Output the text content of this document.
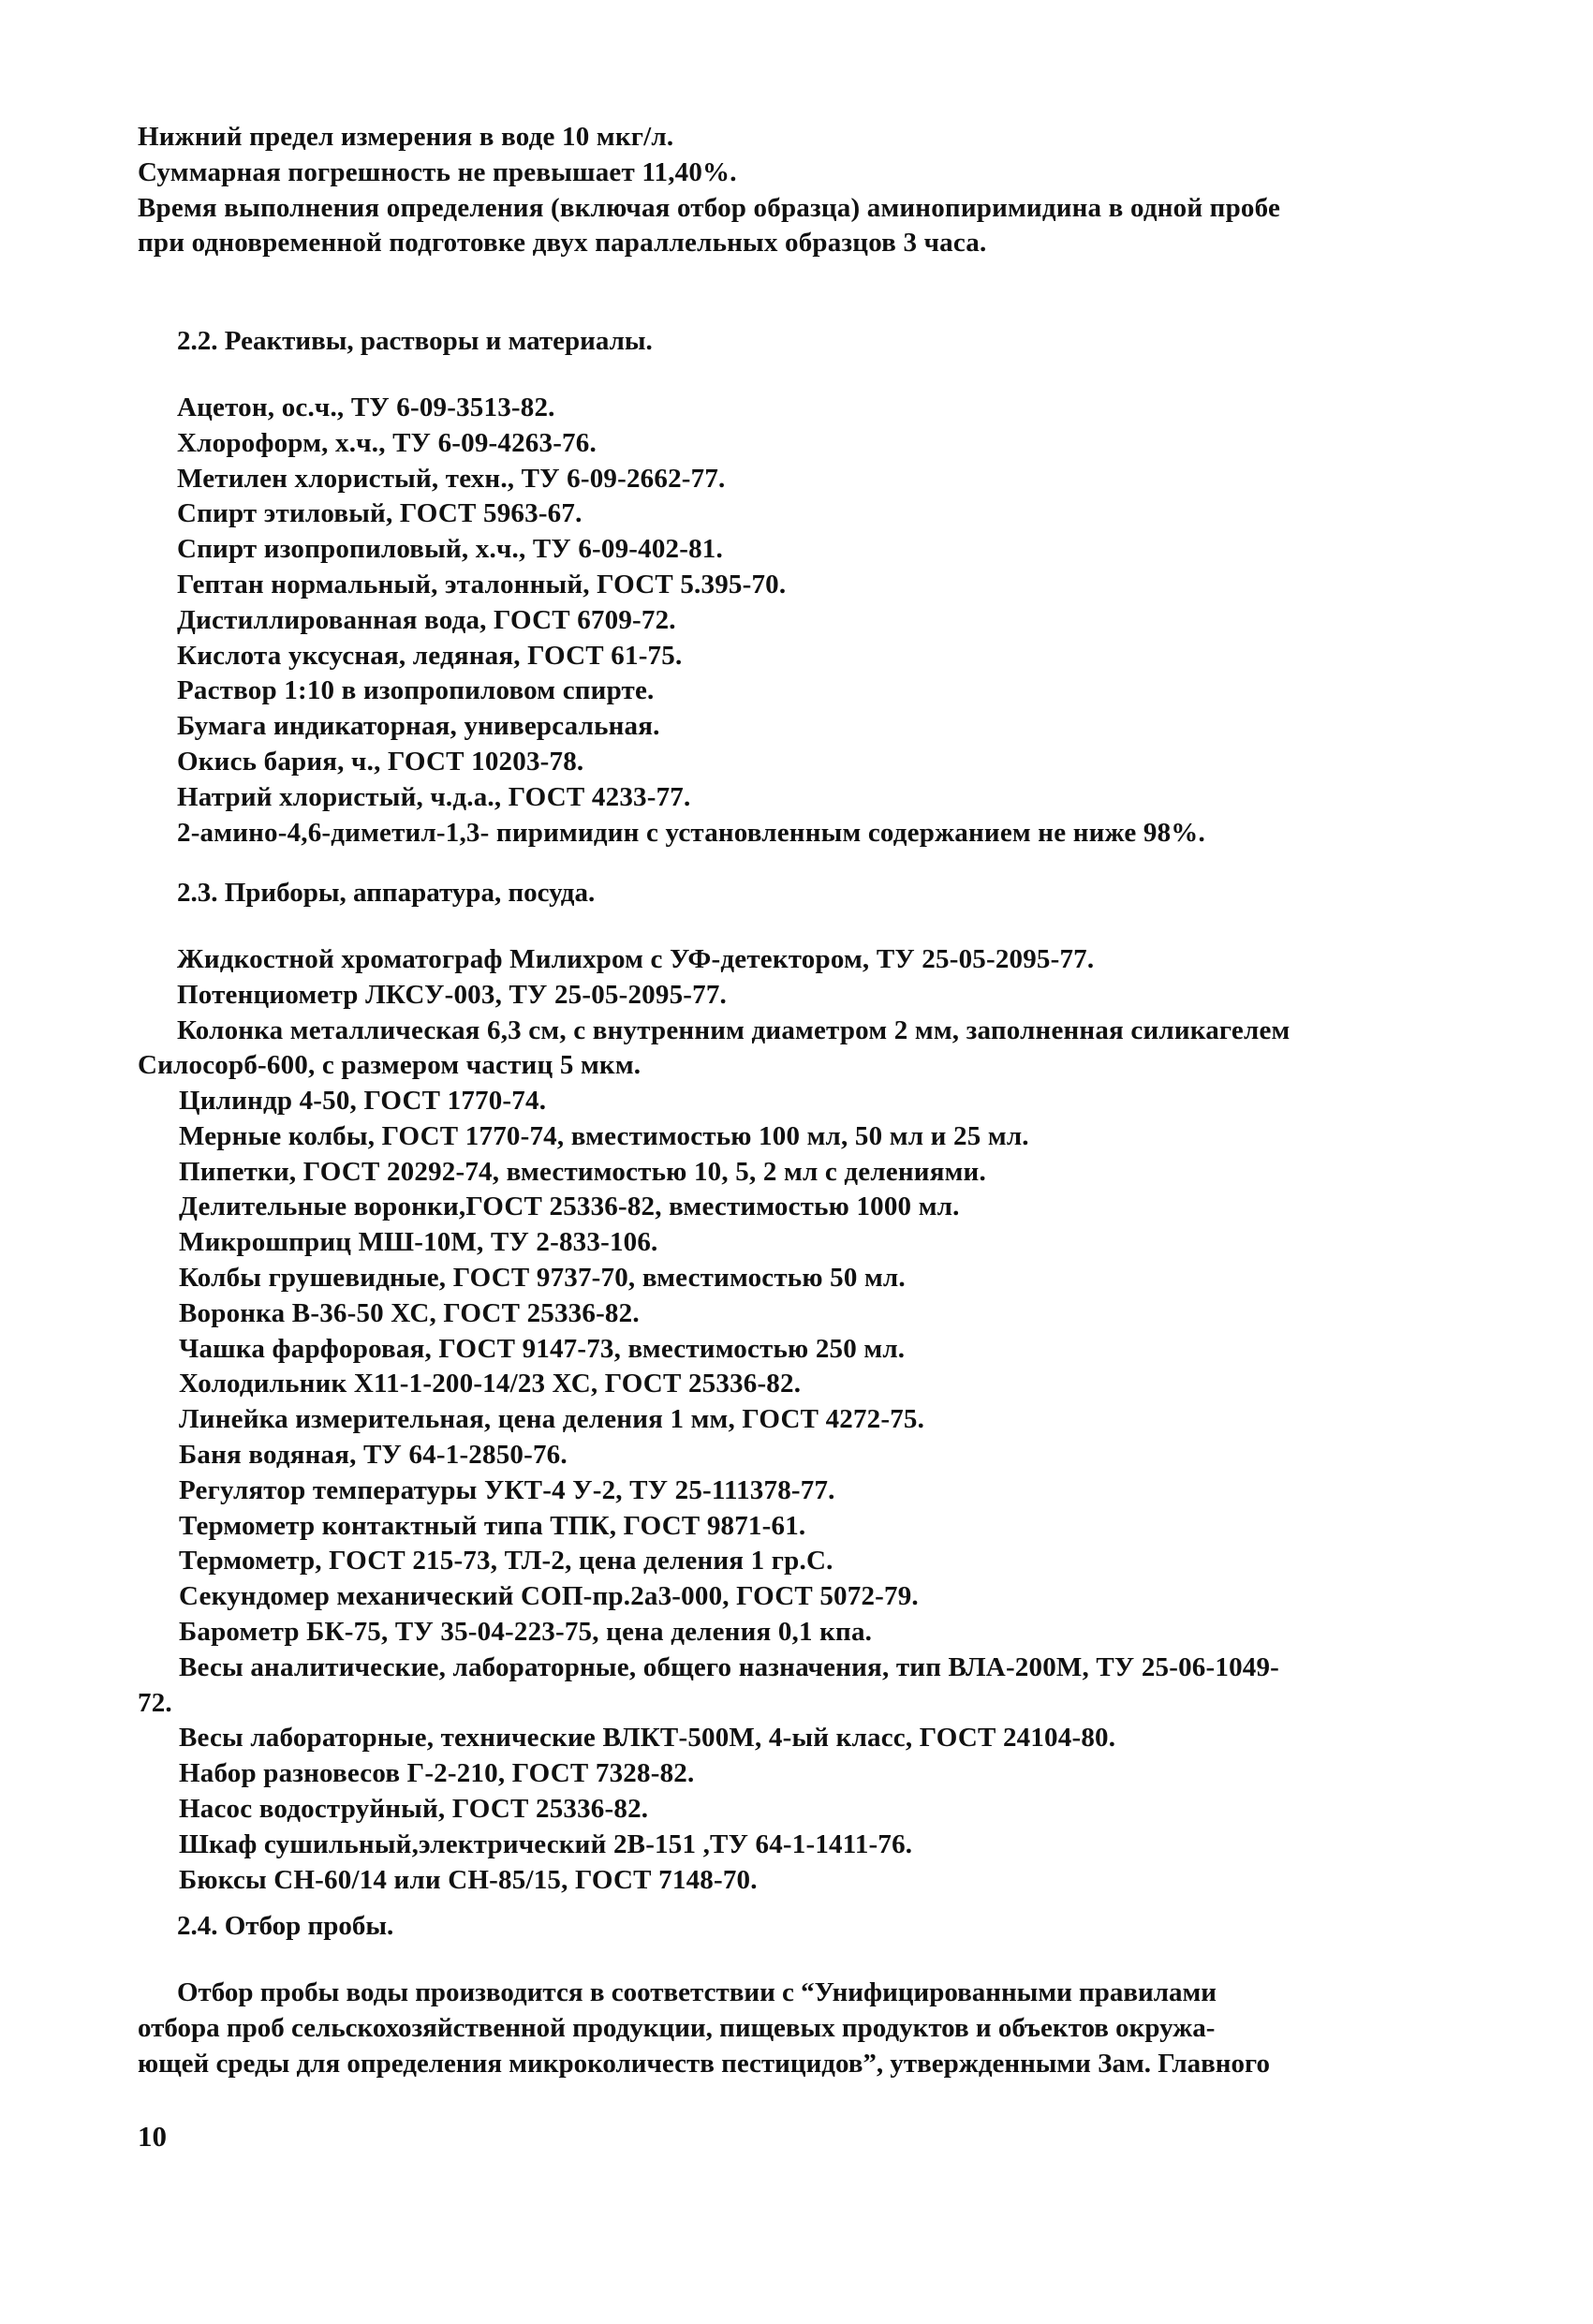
Нижний предел измерения в воде 10 мкг/л.

Суммарная погрешность не превышает 11,40%.

Время выполнения определения (включая отбор образца) аминопиримидина в одной пробе

при одновременной подготовке двух параллельных образцов 3 часа.

2.2. Реактивы, растворы и материалы.

Ацетон, ос.ч., ТУ 6-09-3513-82.

Хлороформ, х.ч., ТУ 6-09-4263-76.

Метилен хлористый, техн., ТУ 6-09-2662-77.

Спирт этиловый, ГОСТ 5963-67.

Спирт изопропиловый, х.ч., ТУ 6-09-402-81.

Гептан нормальный, эталонный, ГОСТ 5.395-70.

Дистиллированная вода, ГОСТ 6709-72.

Кислота уксусная, ледяная, ГОСТ 61-75.

Раствор 1:10 в изопропиловом спирте.

Бумага индикаторная, универсальная.

Окись бария, ч., ГОСТ 10203-78.

Натрий хлористый, ч.д.а., ГОСТ 4233-77.

2-амино-4,6-диметил-1,3- пиримидин с установленным содержанием не ниже 98%.

2.3. Приборы, аппаратура, посуда.

Жидкостной хроматограф Милихром с УФ-детектором, ТУ 25-05-2095-77.

Потенциометр ЛКСУ-003, ТУ 25-05-2095-77.

Колонка металлическая 6,3 см, с внутренним диаметром 2 мм, заполненная силикагелем

Силосорб-600, с размером частиц 5 мкм.

Цилиндр 4-50, ГОСТ 1770-74.

Мерные колбы, ГОСТ 1770-74, вместимостью 100 мл, 50 мл и 25 мл.

Пипетки, ГОСТ 20292-74, вместимостью 10, 5, 2 мл с делениями.

Делительные воронки,ГОСТ 25336-82, вместимостью 1000 мл.

Микрошприц МШ-10М, ТУ 2-833-106.

Колбы грушевидные, ГОСТ 9737-70, вместимостью 50 мл.

Воронка В-36-50 ХС, ГОСТ 25336-82.

Чашка фарфоровая, ГОСТ 9147-73, вместимостью 250 мл.

Холодильник Х11-1-200-14/23 ХС, ГОСТ 25336-82.

Линейка измерительная, цена деления 1 мм, ГОСТ 4272-75.

Баня водяная, ТУ 64-1-2850-76.

Регулятор температуры УКТ-4 У-2, ТУ 25-111378-77.

Термометр контактный типа ТПК, ГОСТ 9871-61.

Термометр, ГОСТ 215-73, ТЛ-2, цена деления 1 гр.С.

Секундомер механический СОП-пр.2а3-000, ГОСТ 5072-79.

Барометр БК-75, ТУ 35-04-223-75, цена деления 0,1 кпа.

Весы аналитические, лабораторные, общего назначения, тип ВЛА-200М, ТУ 25-06-1049-

72.

Весы лабораторные, технические ВЛКТ-500М, 4-ый класс, ГОСТ 24104-80.

Набор разновесов Г-2-210, ГОСТ 7328-82.

Насос водоструйный, ГОСТ 25336-82.

Шкаф сушильный,электрический 2В-151 ,ТУ 64-1-1411-76.

Бюксы СН-60/14 или СН-85/15, ГОСТ 7148-70.

2.4. Отбор пробы.

Отбор пробы воды производится в соответствии с “Унифицированными правилами

отбора проб сельскохозяйственной продукции, пищевых продуктов и объектов окружа-

ющей среды для определения микроколичеств пестицидов”, утвержденными Зам. Главного

10
